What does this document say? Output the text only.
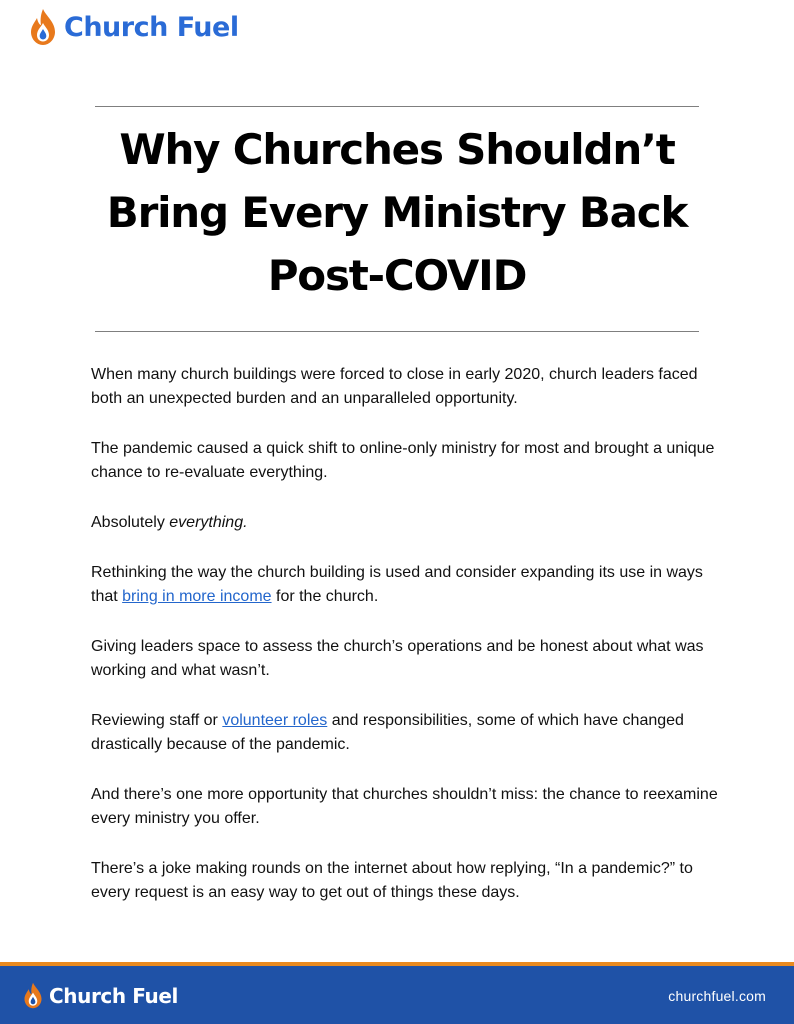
Church Fuel
Why Churches Shouldn’t Bring Every Ministry Back Post-COVID

When many church buildings were forced to close in early 2020, church leaders faced both an unexpected burden and an unparalleled opportunity.

The pandemic caused a quick shift to online-only ministry for most and brought a unique chance to re-evaluate everything.

Absolutely everything.

Rethinking the way the church building is used and consider expanding its use in ways that bring in more income for the church.

Giving leaders space to assess the church’s operations and be honest about what was working and what wasn’t.

Reviewing staff or volunteer roles and responsibilities, some of which have changed drastically because of the pandemic.

And there’s one more opportunity that churches shouldn’t miss: the chance to reexamine every ministry you offer.

There’s a joke making rounds on the internet about how replying, “In a pandemic?” to every request is an easy way to get out of things these days.

Church Fuel	churchfuel.com
